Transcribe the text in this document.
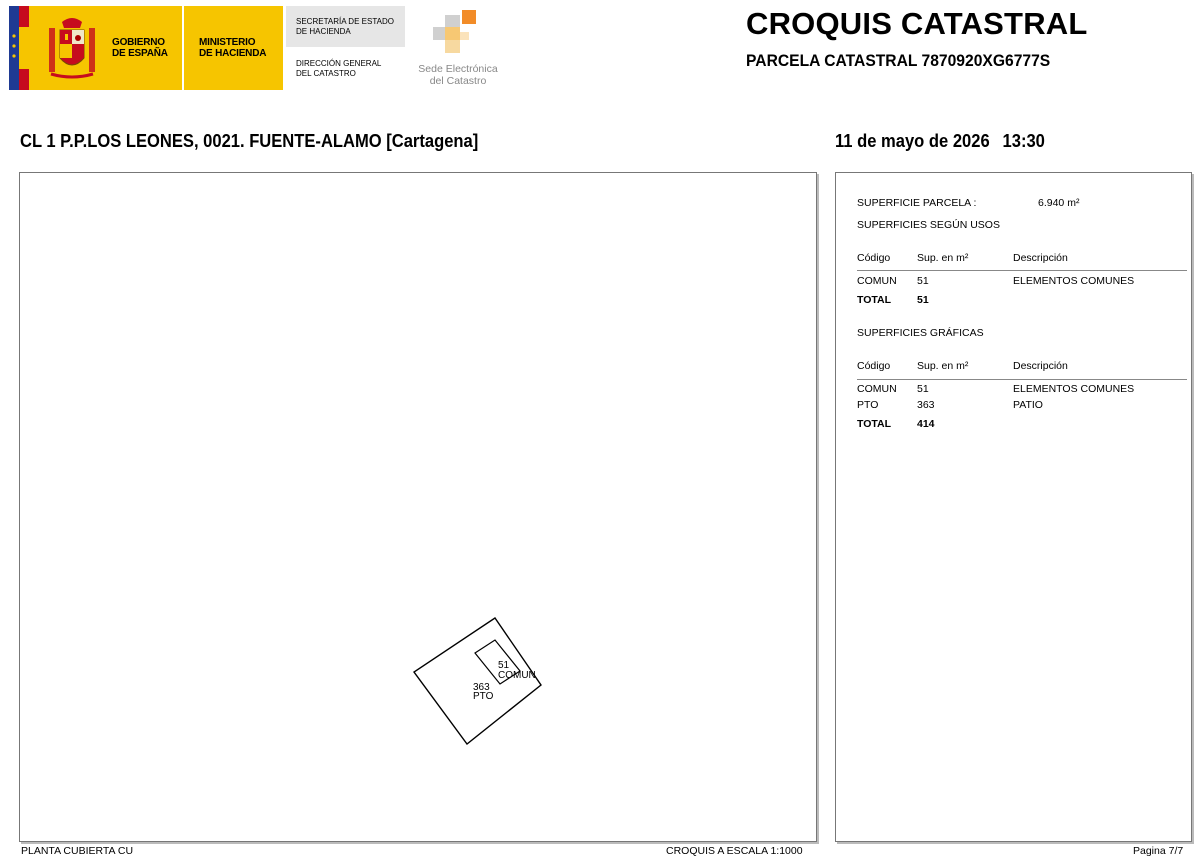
GOBIERNO
DE ESPAÑA
MINISTERIO
DE HACIENDA
SECRETARÍA DE ESTADO
DE HACIENDA
DIRECCIÓN GENERAL
DEL CATASTRO	Sede Electrónica
del Catastro
CROQUIS CATASTRAL
PARCELA CATASTRAL 7870920XG6777S
CL 1 P.P.LOS LEONES, 0021. FUENTE-ALAMO [Cartagena]	11 de mayo de 2026 13:30
363
PTO
51
COMUN
SUPERFICIE PARCELA :	6.940 m²
SUPERFICIES SEGÚN USOS
Código	Sup. en m²	Descripción
COMUN 51	ELEMENTOS COMUNES
TOTAL 51
SUPERFICIES GRÁFICAS
Código	Sup. en m²	Descripción
COMUN 51	ELEMENTOS COMUNES
PTO	363	PATIO
TOTAL 414
PLANTA CUBIERTA CU	CROQUIS A ESCALA 1:1000	Pagina 7/7
